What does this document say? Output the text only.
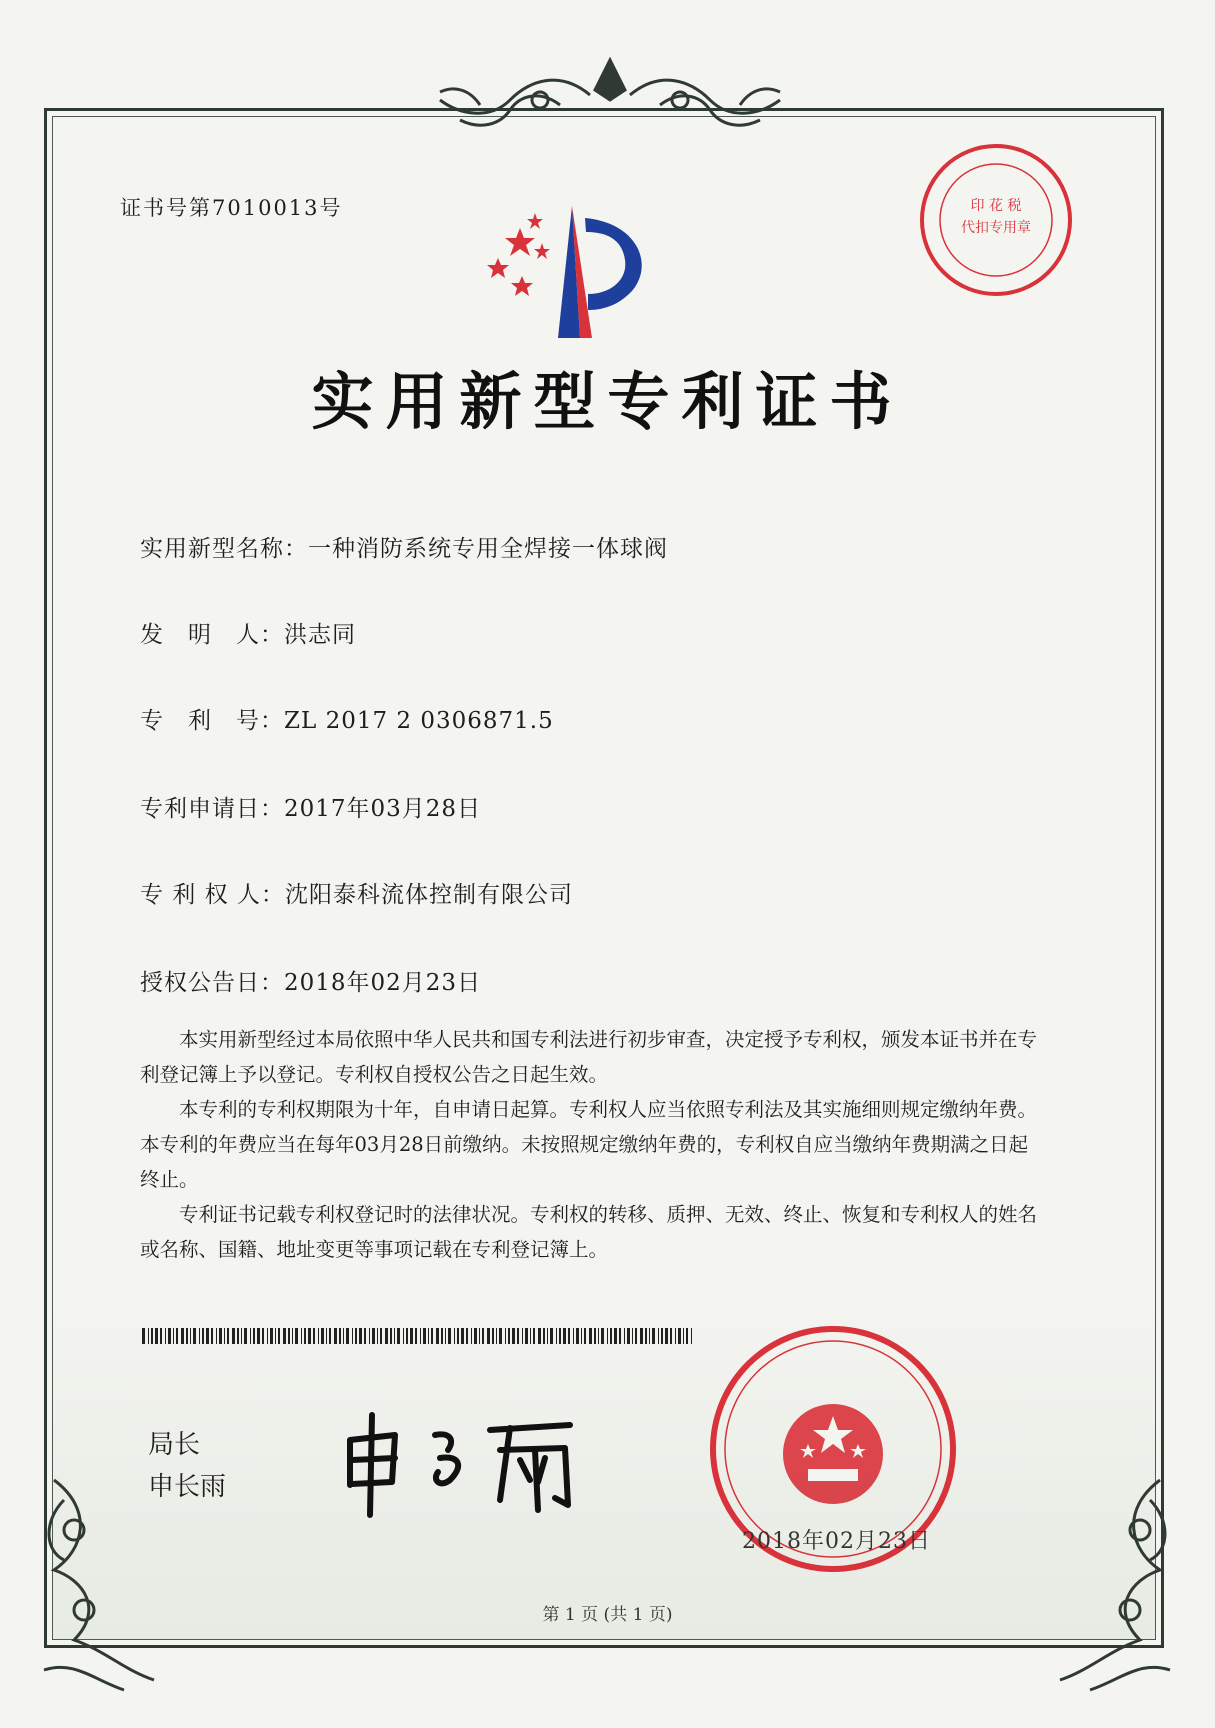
证书号第7010013号	印 花 税
代扣专用章
实用新型专利证书
实用新型名称：一种消防系统专用全焊接一体球阀
发　明　人：洪志同
专　利　号：ZL 2017 2 0306871.5
专利申请日：2017年03月28日
专 利 权 人：沈阳泰科流体控制有限公司
授权公告日：2018年02月23日

本实用新型经过本局依照中华人民共和国专利法进行初步审查，决定授予专利权，颁发本证书并在专利登记簿上予以登记。专利权自授权公告之日起生效。

本专利的专利权期限为十年，自申请日起算。专利权人应当依照专利法及其实施细则规定缴纳年费。本专利的年费应当在每年03月28日前缴纳。未按照规定缴纳年费的，专利权自应当缴纳年费期满之日起终止。

专利证书记载专利权登记时的法律状况。专利权的转移、质押、无效、终止、恢复和专利权人的姓名或名称、国籍、地址变更等事项记载在专利登记簿上。

局长
申长雨
2018年02月23日
第 1 页 (共 1 页)
